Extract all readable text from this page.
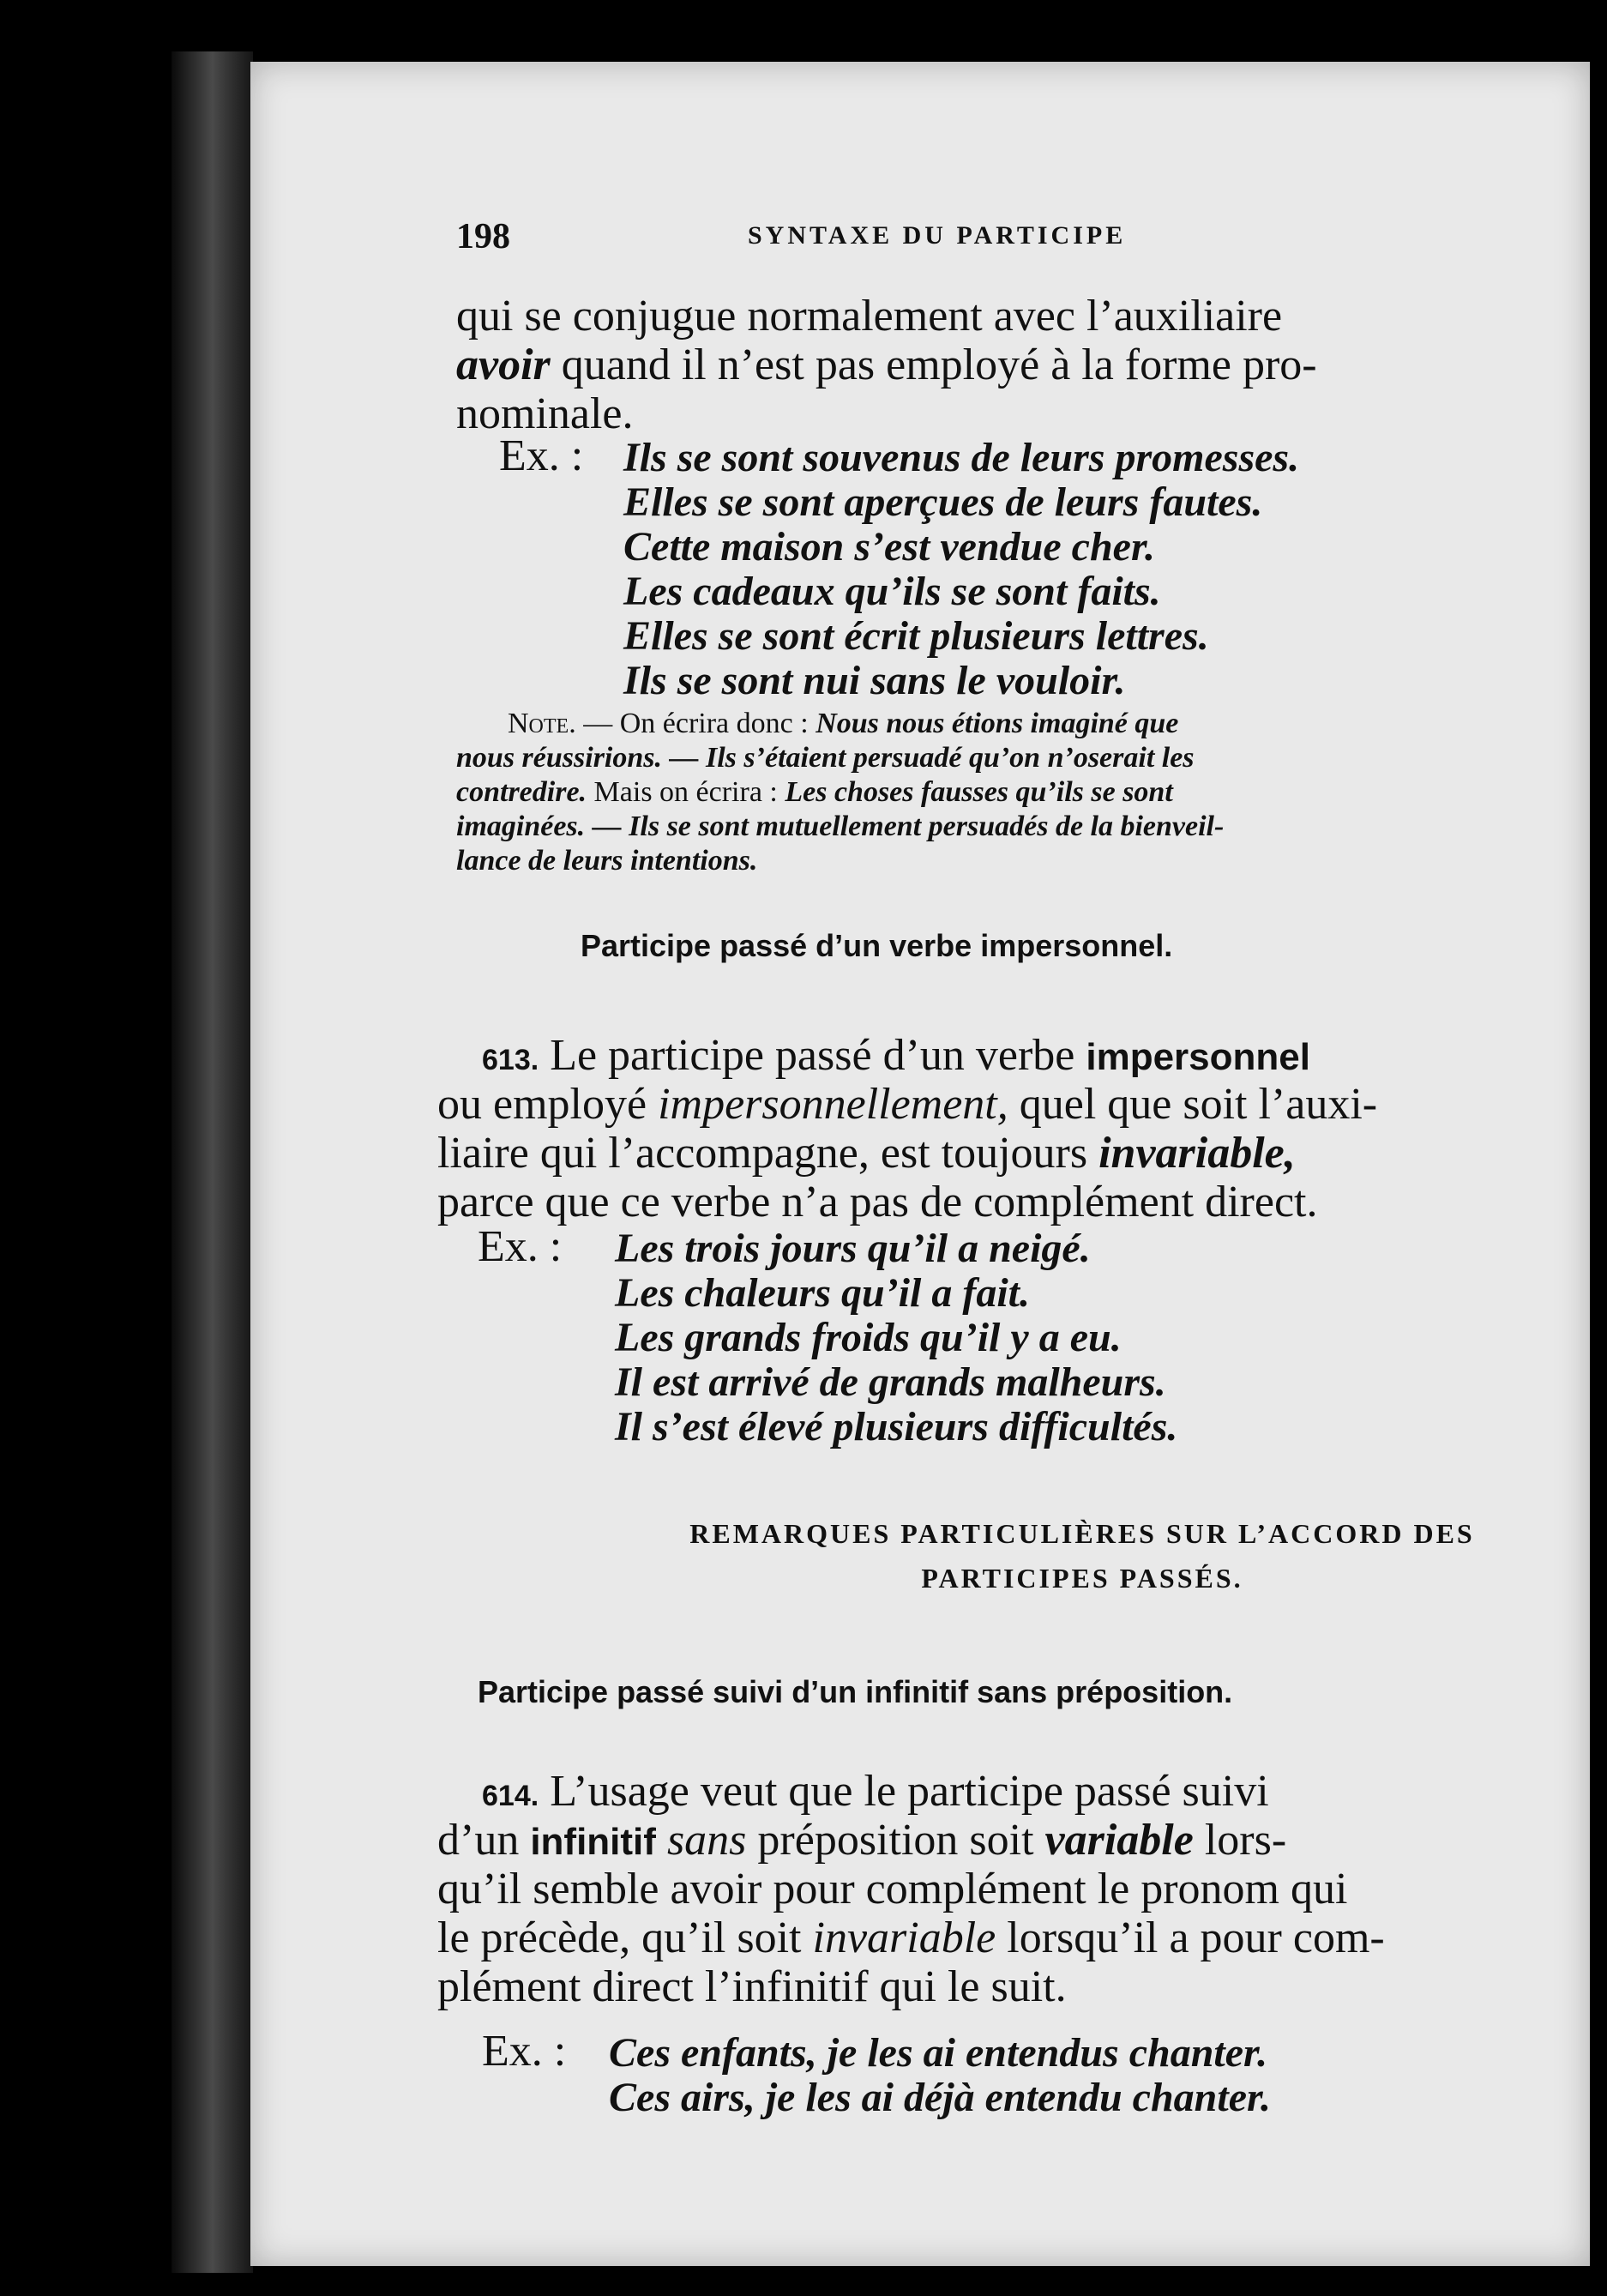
198	SYNTAXE DU PARTICIPE
qui se conjugue normalement avec l’auxiliaire
avoir quand il n’est pas employé à la forme pro-
nominale.
Ex. : Ils se sont souvenus de leurs promesses.
Elles se sont aperçues de leurs fautes.
Cette maison s’est vendue cher.
Les cadeaux qu’ils se sont faits.
Elles se sont écrit plusieurs lettres.
Ils se sont nui sans le vouloir.
Note. — On écrira donc : Nous nous étions imaginé que
nous réussirions. — Ils s’étaient persuadé qu’on n’oserait les
contredire. Mais on écrira : Les choses fausses qu’ils se sont
imaginées. — Ils se sont mutuellement persuadés de la bienveil-
lance de leurs intentions.
Participe passé d’un verbe impersonnel.
613. Le participe passé d’un verbe impersonnel
ou employé impersonnellement, quel que soit l’auxi-
liaire qui l’accompagne, est toujours invariable,
parce que ce verbe n’a pas de complément direct.
Ex. : Les trois jours qu’il a neigé.
Les chaleurs qu’il a fait.
Les grands froids qu’il y a eu.
Il est arrivé de grands malheurs.
Il s’est élevé plusieurs difficultés.
REMARQUES PARTICULIÈRES SUR L’ACCORD DES
PARTICIPES PASSÉS.
Participe passé suivi d’un infinitif sans préposition.
614. L’usage veut que le participe passé suivi
d’un infinitif sans préposition soit variable lors-
qu’il semble avoir pour complément le pronom qui
le précède, qu’il soit invariable lorsqu’il a pour com-
plément direct l’infinitif qui le suit.
Ex. : Ces enfants, je les ai entendus chanter.
Ces airs, je les ai déjà entendu chanter.
